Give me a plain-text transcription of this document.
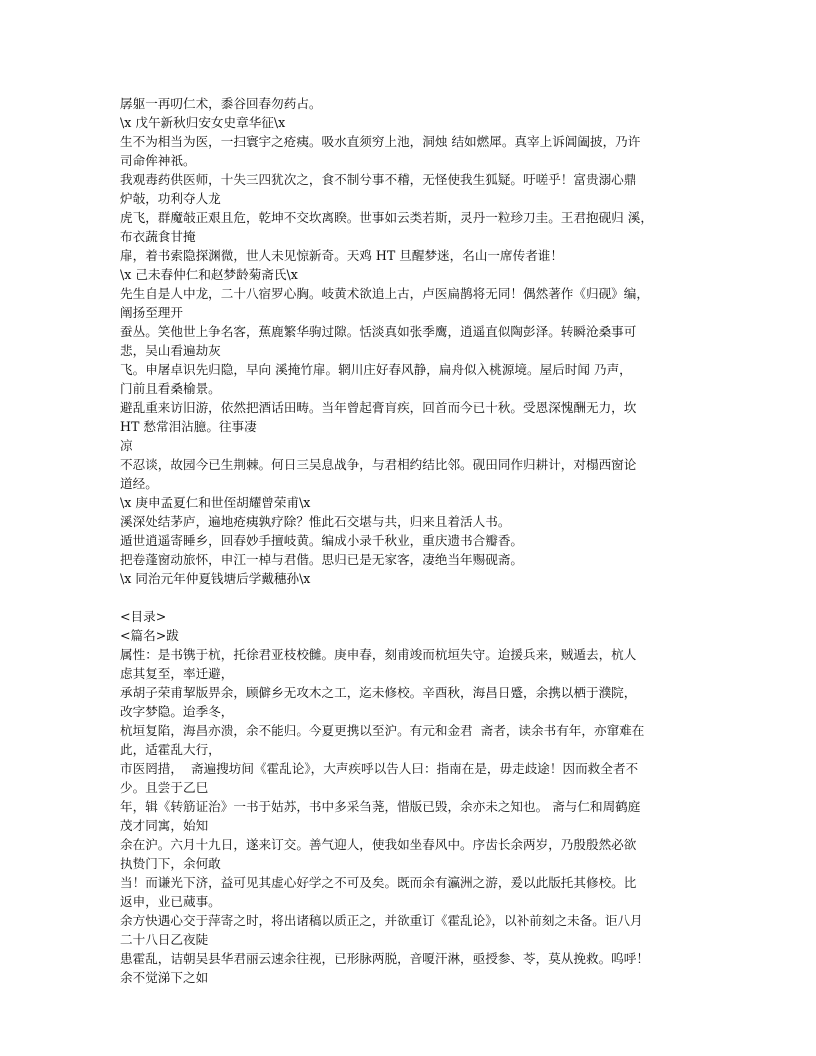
孱躯一再叨仁术，黍谷回春勿药占。
\x 戊午新秋归安女史章华征\x
生不为相当为医，一扫寰宇之疮痍。吸水直须穷上池，洞烛 结如燃犀。真宰上诉阊阖披，乃许
司命侔神祇。
我观毒药供医师，十失三四犹次之，食不制兮事不稽，无怪使我生狐疑。吁嗟乎！富贵溺心鼎
炉敧，功利夺人龙
虎飞，群魔敧正艰且危，乾坤不交坎离睽。世事如云类若斯，灵丹一粒珍刀圭。王君抱砚归 溪，
布衣蔬食甘掩
扉，着书索隐探渊微，世人未见惊新奇。天鸡 HT 旦醒梦迷，名山一席传者谁！
\x 己未春仲仁和赵梦龄菊斋氏\x
先生自是人中龙，二十八宿罗心胸。岐黄术欲追上古，卢医扁鹊将无同！偶然著作《归砚》编，
阐扬至理开
蚕丛。笑他世上争名客，蕉鹿繁华驹过隙。恬淡真如张季鹰，逍遥直似陶彭泽。转瞬沧桑事可
悲，吴山看遍劫灰
飞。申屠卓识先归隐，早向 溪掩竹扉。辋川庄好春风静，扁舟似入桃源境。屋后时闻 乃声，
门前且看桑榆景。
避乱重来访旧游，依然把酒话田畴。当年曾起膏肓疾，回首而今已十秋。受恩深愧酬无力，坎
HT 愁常泪沾臆。往事凄
凉
不忍谈，故园今已生荆棘。何日三吴息战争，与君相约结比邻。砚田同作归耕计，对榻西窗论
道经。
\x 庚申孟夏仁和世侄胡耀曾荣甫\x
溪深处结茅庐，遍地疮痍孰疗除？惟此石交堪与共，归来且着活人书。
遁世逍遥寄睡乡，回春妙手擅岐黄。编成小录千秋业，重庆遗书合瓣香。
把卷蓬窗动旅怀，申江一棹与君偕。思归已是无家客，凄绝当年赐砚斋。
\x 同治元年仲夏钱塘后学戴穗孙\x
<目录>
<篇名>跋
属性：是书镌于杭，托徐君亚枝校雠。庚申春，刻甫竣而杭垣失守。迨援兵来，贼遁去，杭人
虑其复至，率迁避，
承胡子荣甫挈版畀余，顾僻乡无攻木之工，迄未修校。辛酉秋，海昌日蹙，余携以栖于濮院，
改字梦隐。迨季冬，
杭垣复陷，海昌亦溃，余不能归。今夏更携以至沪。有元和金君  斋者，读余书有年，亦窜难在
此，适霍乱大行，
市医罔措，  斋遍搜坊间《霍乱论》，大声疾呼以告人曰：指南在是，毋走歧途！因而救全者不
少。且尝于乙巳
年，辑《转筋证治》一书于姑苏，书中多采刍荛，惜版已毁，余亦未之知也。 斋与仁和周鹤庭
茂才同寓，始知
余在沪。六月十九日，遂来订交。善气迎人，使我如坐春风中。序齿长余两岁，乃殷殷然必欲
执贽门下，余何敢
当！而谦光下济，益可见其虚心好学之不可及矣。既而余有瀛洲之游，爰以此版托其修校。比
返申，业已蒇事。
余方快遇心交于萍寄之时，将出诸稿以质正之，并欲重订《霍乱论》，以补前刻之未备。讵八月
二十八日乙夜陡
患霍乱，诘朝吴县华君丽云速余往视，已形脉两脱，音嗄汗淋，亟授参、苓，莫从挽救。呜呼！
余不觉涕下之如
